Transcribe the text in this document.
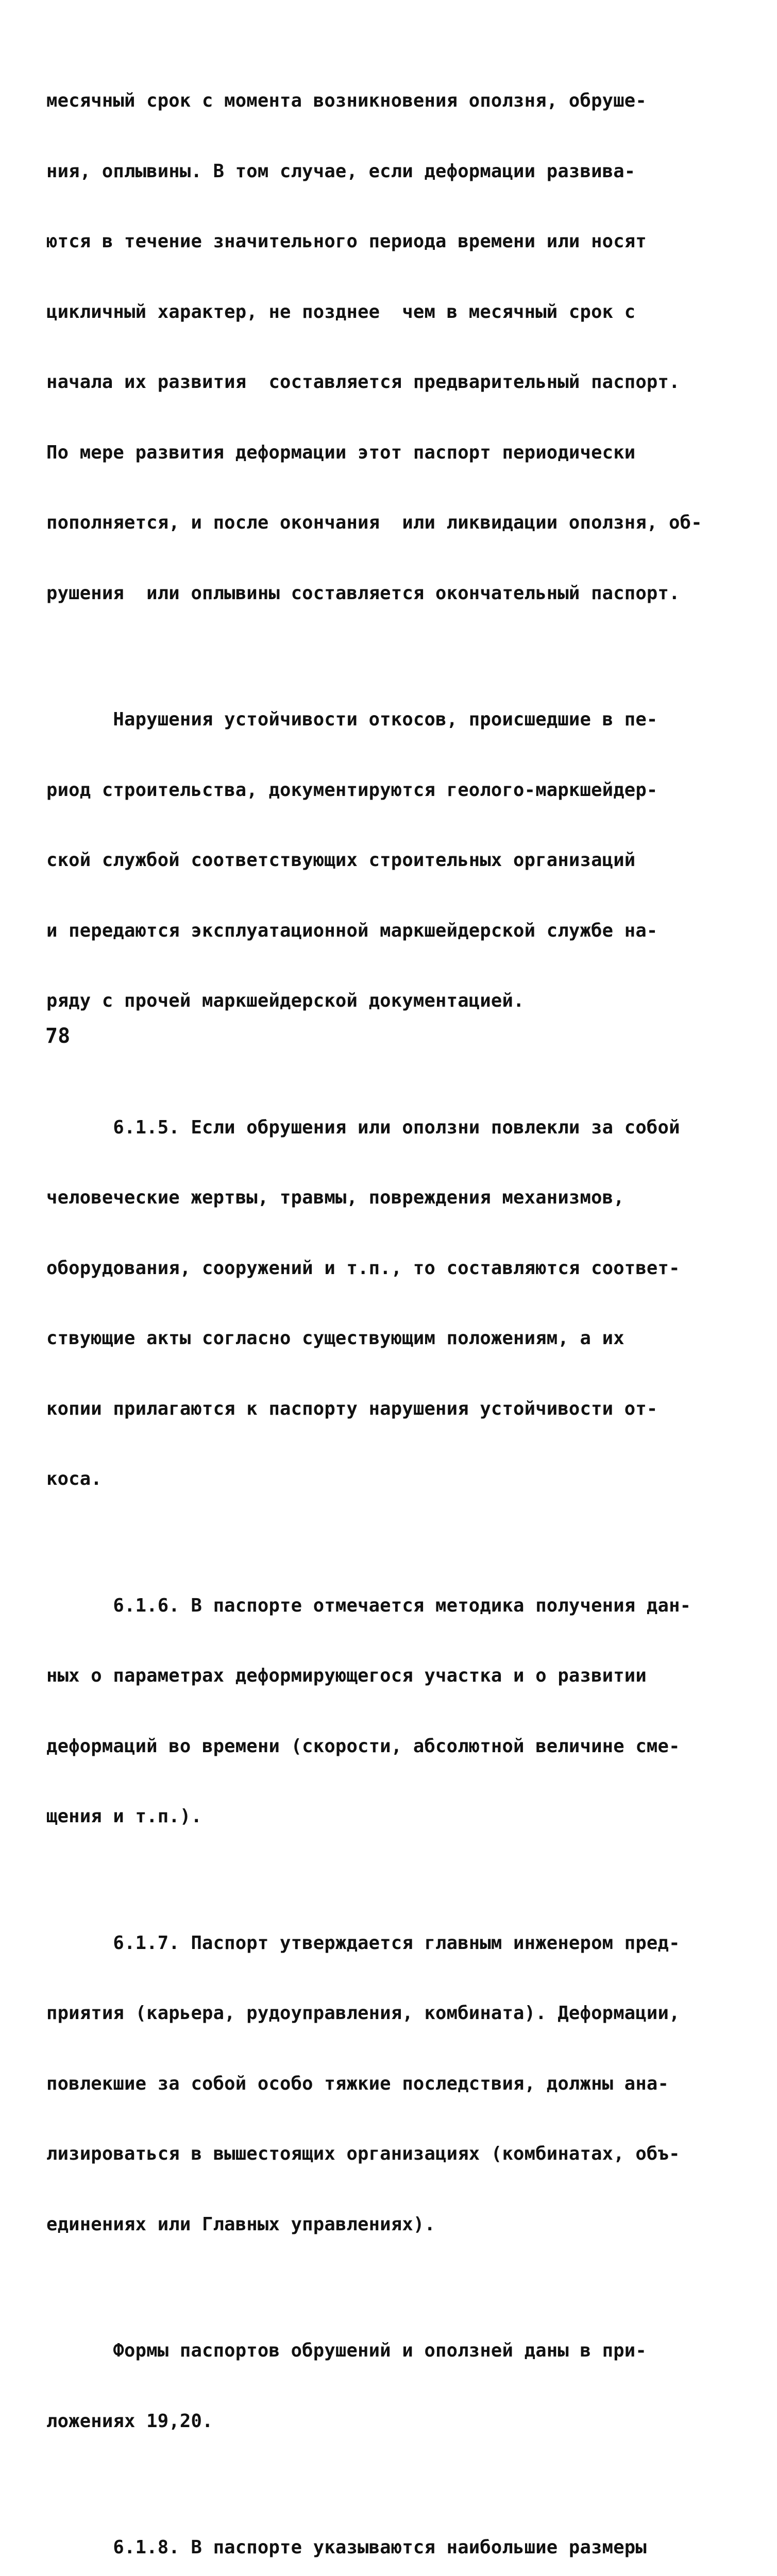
месячный срок с момента возникновения оползня, обруше-

ния, оплывины. В том случае, если деформации развива-

ются в течение значительного периода времени или носят

цикличный характер, не позднее  чем в месячный срок с

начала их развития  составляется предварительный паспорт.

По мере развития деформации этот паспорт периодически

пополняется, и после окончания  или ликвидации оползня, об-

рушения  или оплывины составляется окончательный паспорт.

Нарушения устойчивости откосов, происшедшие в пе-

риод строительства, документируются геолого-маркшейдер-

ской службой соответствующих строительных организаций

и передаются эксплуатационной маркшейдерской службе на-

ряду с прочей маркшейдерской документацией.

6.1.5. Если обрушения или оползни повлекли за собой

человеческие жертвы, травмы, повреждения механизмов,

оборудования, сооружений и т.п., то составляются соответ-

ствующие акты согласно существующим положениям, а их

копии прилагаются к паспорту нарушения устойчивости от-

коса.

6.1.6. В паспорте отмечается методика получения дан-

ных о параметрах деформирующегося участка и о развитии

деформаций во времени (скорости, абсолютной величине сме-

щения и т.п.).

6.1.7. Паспорт утверждается главным инженером пред-

приятия (карьера, рудоуправления, комбината). Деформации,

повлекшие за собой особо тяжкие последствия, должны ана-

лизироваться в вышестоящих организациях (комбинатах, объ-

единениях или Главных управлениях).

Формы паспортов обрушений и оползней даны в при-

ложениях 19,20.

6.1.8. В паспорте указываются наибольшие размеры

78
